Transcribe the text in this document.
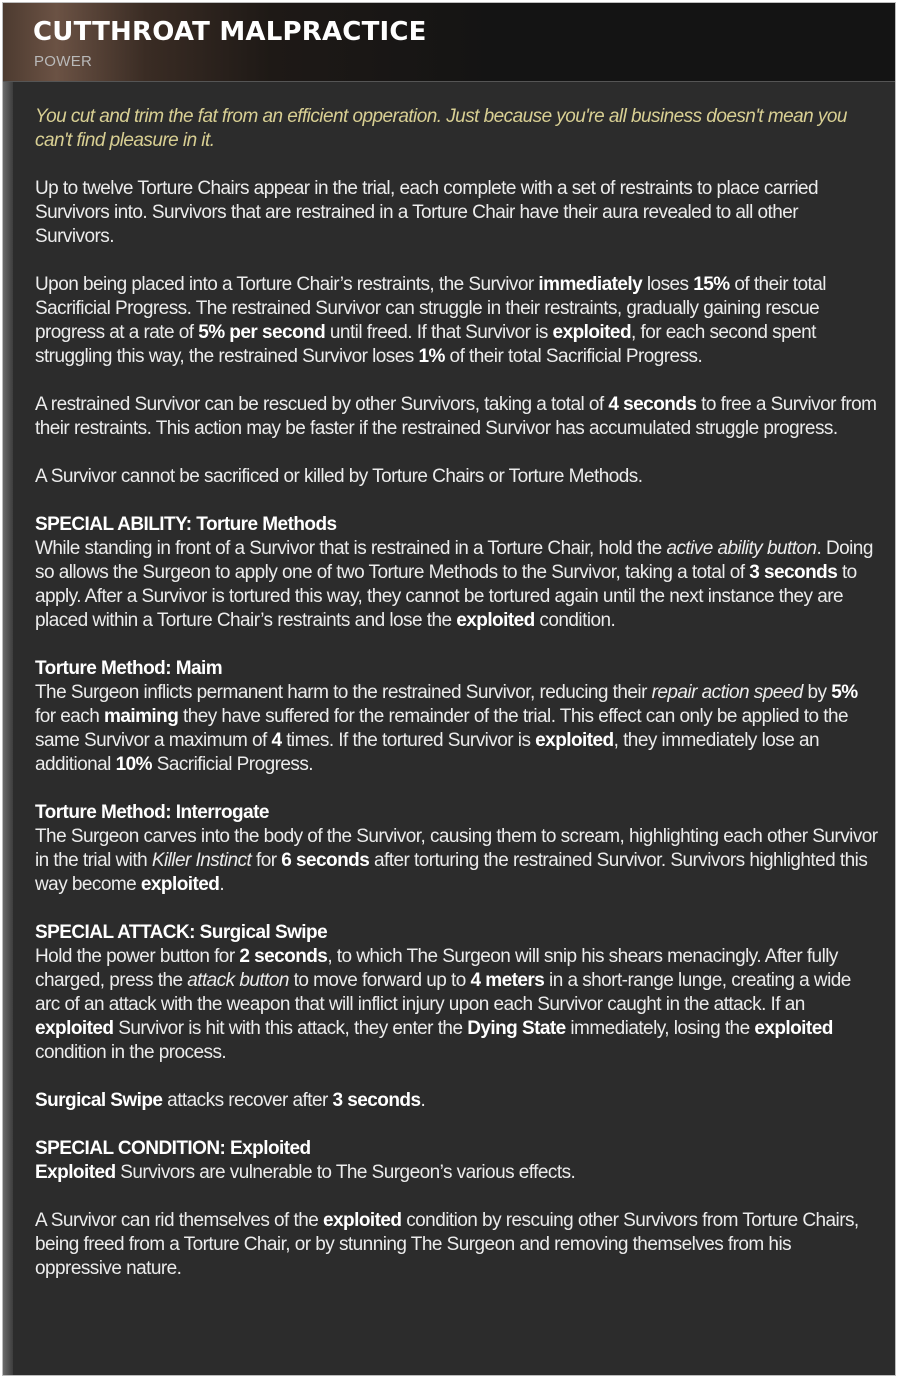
CUTTHROAT MALPRACTICE
POWER

You cut and trim the fat from an efficient opperation. Just because you're all business doesn't mean you can't find pleasure in it.

Up to twelve Torture Chairs appear in the trial, each complete with a set of restraints to place carried Survivors into. Survivors that are restrained in a Torture Chair have their aura revealed to all other Survivors.

Upon being placed into a Torture Chair’s restraints, the Survivor immediately loses 15% of their total Sacrificial Progress. The restrained Survivor can struggle in their restraints, gradually gaining rescue progress at a rate of 5% per second until freed. If that Survivor is exploited, for each second spent struggling this way, the restrained Survivor loses 1% of their total Sacrificial Progress.

A restrained Survivor can be rescued by other Survivors, taking a total of 4 seconds to free a Survivor from their restraints. This action may be faster if the restrained Survivor has accumulated struggle progress.

A Survivor cannot be sacrificed or killed by Torture Chairs or Torture Methods.

SPECIAL ABILITY: Torture Methods
While standing in front of a Survivor that is restrained in a Torture Chair, hold the active ability button. Doing so allows the Surgeon to apply one of two Torture Methods to the Survivor, taking a total of 3 seconds to apply. After a Survivor is tortured this way, they cannot be tortured again until the next instance they are placed within a Torture Chair’s restraints and lose the exploited condition.

Torture Method: Maim
The Surgeon inflicts permanent harm to the restrained Survivor, reducing their repair action speed by 5% for each maiming they have suffered for the remainder of the trial. This effect can only be applied to the same Survivor a maximum of 4 times. If the tortured Survivor is exploited, they immediately lose an additional 10% Sacrificial Progress.

Torture Method: Interrogate
The Surgeon carves into the body of the Survivor, causing them to scream, highlighting each other Survivor in the trial with Killer Instinct for 6 seconds after torturing the restrained Survivor. Survivors highlighted this way become exploited.

SPECIAL ATTACK: Surgical Swipe
Hold the power button for 2 seconds, to which The Surgeon will snip his shears menacingly. After fully charged, press the attack button to move forward up to 4 meters in a short-range lunge, creating a wide arc of an attack with the weapon that will inflict injury upon each Survivor caught in the attack. If an exploited Survivor is hit with this attack, they enter the Dying State immediately, losing the exploited condition in the process.

Surgical Swipe attacks recover after 3 seconds.

SPECIAL CONDITION: Exploited
Exploited Survivors are vulnerable to The Surgeon’s various effects.

A Survivor can rid themselves of the exploited condition by rescuing other Survivors from Torture Chairs, being freed from a Torture Chair, or by stunning The Surgeon and removing themselves from his oppressive nature.
